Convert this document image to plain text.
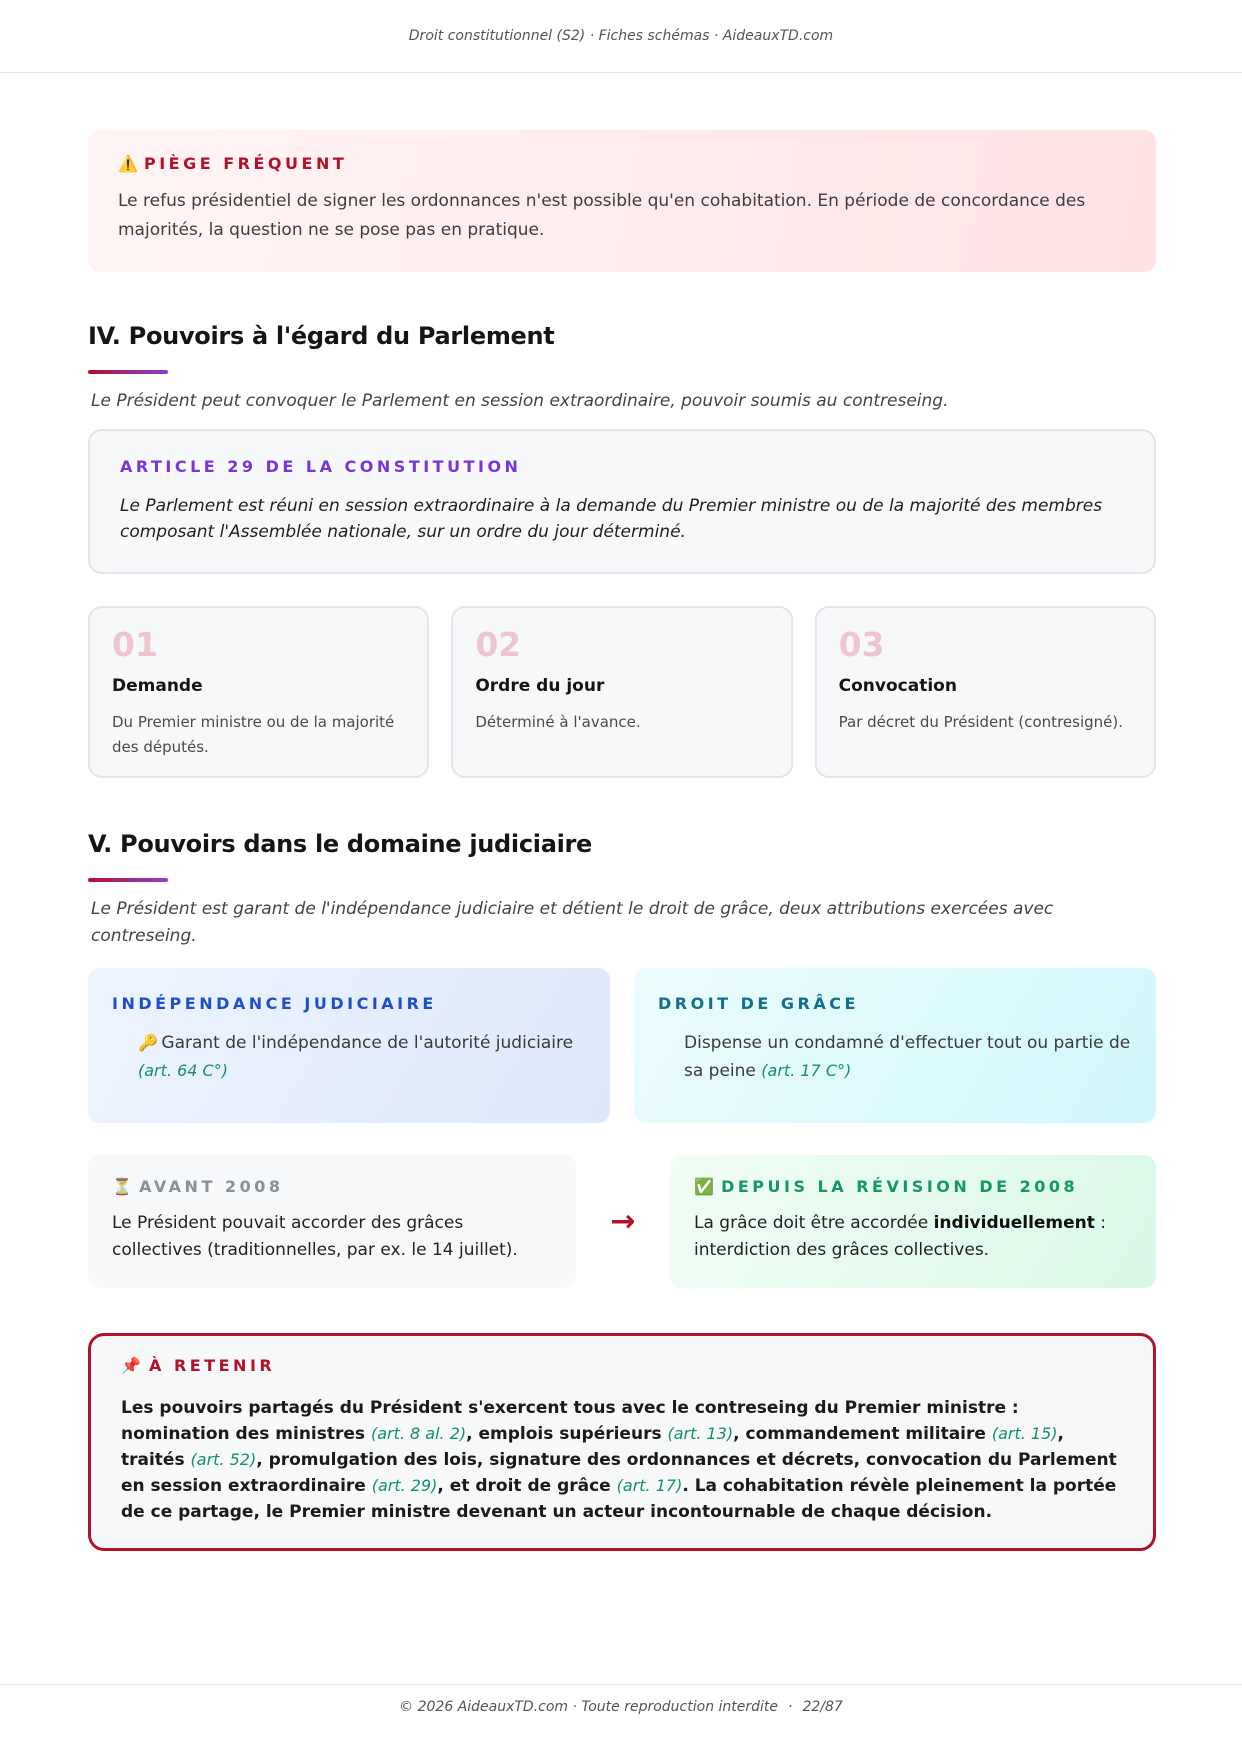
Droit constitutionnel (S2) · Fiches schémas · AideauxTD.com
⚠️ PIÈGE FRÉQUENT

Le refus présidentiel de signer les ordonnances n'est possible qu'en cohabitation. En période de concordance des majorités, la question ne se pose pas en pratique.

IV. Pouvoirs à l'égard du Parlement

Le Président peut convoquer le Parlement en session extraordinaire, pouvoir soumis au contreseing.

ARTICLE 29 DE LA CONSTITUTION

Le Parlement est réuni en session extraordinaire à la demande du Premier ministre ou de la majorité des membres composant l'Assemblée nationale, sur un ordre du jour déterminé.

01
Demande

Du Premier ministre ou de la majorité des députés.

02
Ordre du jour

Déterminé à l'avance.

03
Convocation

Par décret du Président (contresigné).

V. Pouvoirs dans le domaine judiciaire

Le Président est garant de l'indépendance judiciaire et détient le droit de grâce, deux attributions exercées avec contreseing.

INDÉPENDANCE JUDICIAIRE

🔑 Garant de l'indépendance de l'autorité judiciaire (art. 64 C°)

DROIT DE GRÂCE

Dispense un condamné d'effectuer tout ou partie de sa peine (art. 17 C°)

⏳ AVANT 2008

Le Président pouvait accorder des grâces collectives (traditionnelles, par ex. le 14 juillet).

→
✅ DEPUIS LA RÉVISION DE 2008

La grâce doit être accordée individuellement : interdiction des grâces collectives.

📌 À RETENIR

Les pouvoirs partagés du Président s'exercent tous avec le contreseing du Premier ministre : nomination des ministres (art. 8 al. 2), emplois supérieurs (art. 13), commandement militaire (art. 15), traités (art. 52), promulgation des lois, signature des ordonnances et décrets, convocation du Parlement en session extraordinaire (art. 29), et droit de grâce (art. 17). La cohabitation révèle pleinement la portée de ce partage, le Premier ministre devenant un acteur incontournable de chaque décision.

© 2026 AideauxTD.com · Toute reproduction interdite · 22/87
